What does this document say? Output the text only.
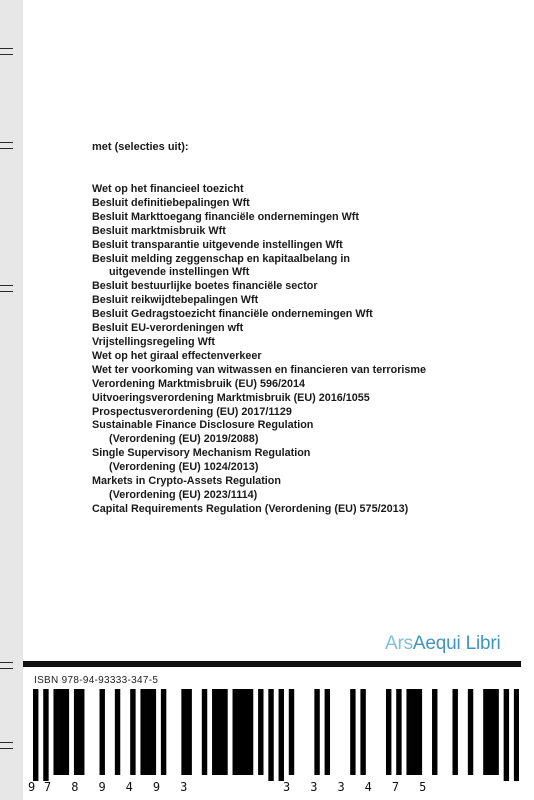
met (selecties uit):

Wet op het financieel toezicht
Besluit definitiebepalingen Wft
Besluit Markttoegang financiële ondernemingen Wft
Besluit marktmisbruik Wft
Besluit transparantie uitgevende instellingen Wft
Besluit melding zeggenschap en kapitaalbelang in
uitgevende instellingen Wft
Besluit bestuurlijke boetes financiële sector
Besluit reikwijdtebepalingen Wft
Besluit Gedragstoezicht financiële ondernemingen Wft
Besluit EU-verordeningen wft
Vrijstellingsregeling Wft
Wet op het giraal effectenverkeer
Wet ter voorkoming van witwassen en financieren van terrorisme
Verordening Marktmisbruik (EU) 596/2014
Uitvoeringsverordening Marktmisbruik (EU) 2016/1055
Prospectusverordening (EU) 2017/1129
Sustainable Finance Disclosure Regulation
(Verordening (EU) 2019/2088)
Single Supervisory Mechanism Regulation
(Verordening (EU) 1024/2013)
Markets in Crypto-Assets Regulation
(Verordening (EU) 2023/1114)
Capital Requirements Regulation (Verordening (EU) 575/2013)
ArsAequi Libri
ISBN 978-94-93333-347-5
9 789493	333475
